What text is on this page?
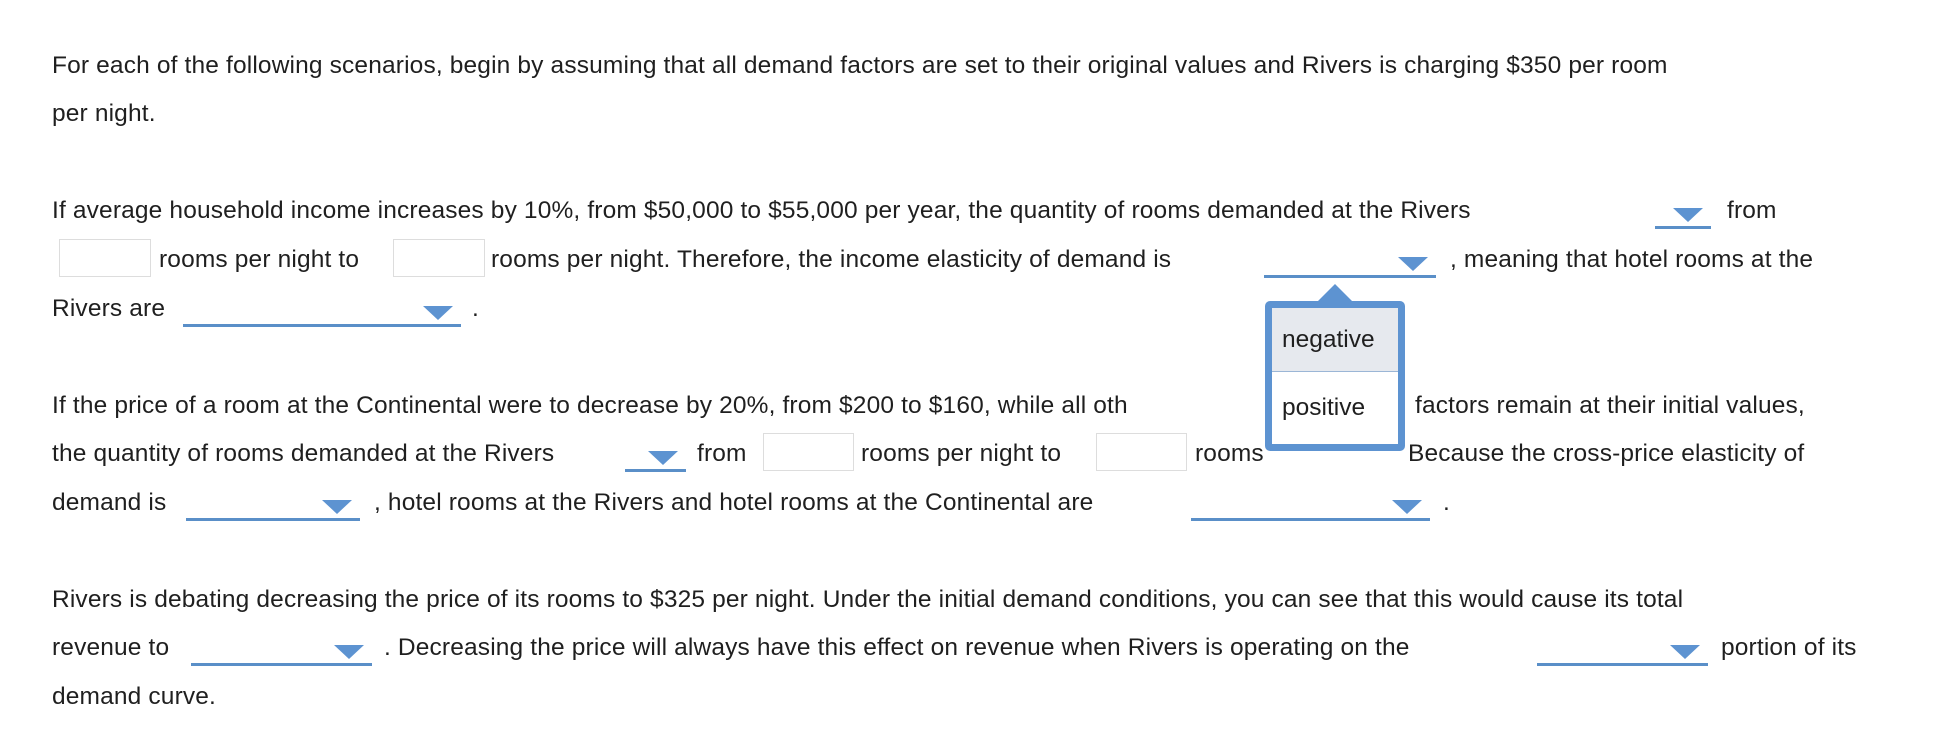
For each of the following scenarios, begin by assuming that all demand factors are set to their original values and Rivers is charging $350 per room
per night.
If average household income increases by 10%, from $50,000 to $55,000 per year, the quantity of rooms demanded at the Rivers	from
rooms per night to	rooms per night. Therefore, the income elasticity of demand is	, meaning that hotel rooms at the
Rivers are	.
If the price of a room at the Continental were to decrease by 20%, from $200 to $160, while all oth	factors remain at their initial values,
the quantity of rooms demanded at the Rivers	from	rooms per night to	rooms	Because the cross-price elasticity of
demand is	, hotel rooms at the Rivers and hotel rooms at the Continental are	.
Rivers is debating decreasing the price of its rooms to $325 per night. Under the initial demand conditions, you can see that this would cause its total
revenue to	. Decreasing the price will always have this effect on revenue when Rivers is operating on the	portion of its
demand curve.
negative
positive
